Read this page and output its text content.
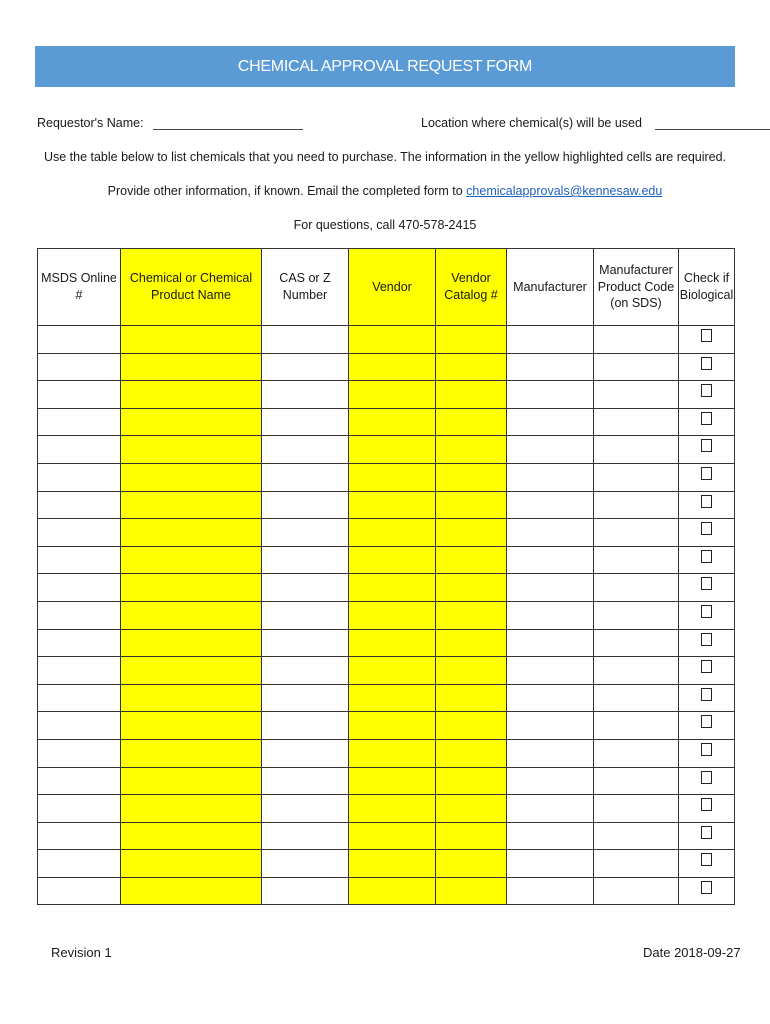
CHEMICAL APPROVAL REQUEST FORM
Requestor's Name:	Location where chemical(s) will be used
Use the table below to list chemicals that you need to purchase. The information in the yellow highlighted cells are required.
Provide other information, if known. Email the completed form to chemicalapprovals@kennesaw.edu
For questions, call 470-578-2415
MSDS Online #	Chemical or Chemical Product Name	CAS or Z Number	Vendor	Vendor Catalog #	Manufacturer	Manufacturer Product Code (on SDS)	Check if Biological

Revision 1	Date 2018-09-27
